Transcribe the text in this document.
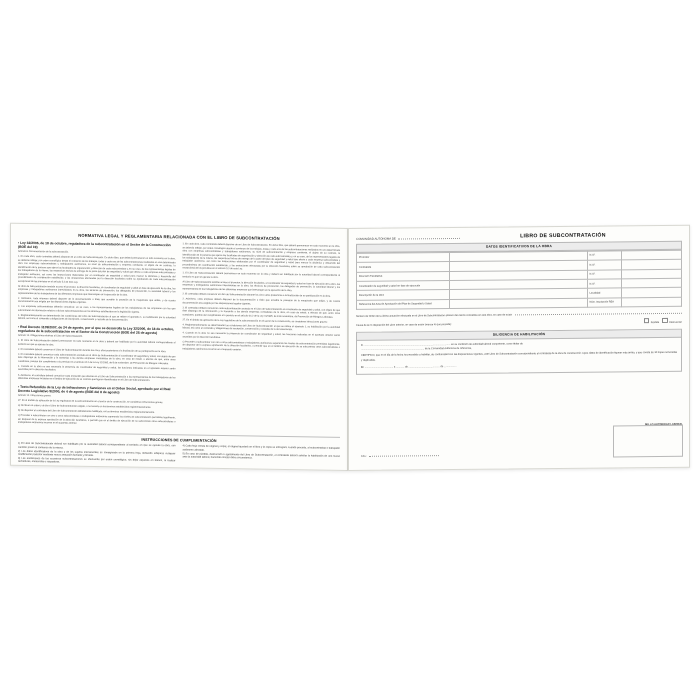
NORMATIVA LEGAL Y REGLAMENTARIA RELACIONADA CON EL LIBRO DE SUBCONTRATACIÓN
• Ley 32/2006, de 18 de octubre, reguladora de la subcontratación en el Sector de la Construcción (BOE del 19)
Artículo 8. Documentación de la subcontratación.
1. En cada obra, cada contratista deberá disponer de un Libro de Subcontratación. En dicho libro, que deberá permanecer en todo momento en la obra, se deberán reflejar, por orden cronológico desde el comienzo de los trabajos, todas y cada una de las subcontrataciones realizadas en una determinada obra con empresas subcontratistas y trabajadores autónomos, su nivel de subcontratación y empresa comitente, el objeto de su contrato, la identificación de la persona que ejerce las facultades de organización y dirección de cada subcontratista y, en su caso, de los representantes legales de los trabajadores de la misma, las respectivas fechas de entrega de la parte del plan de seguridad y salud que afecte a cada empresa subcontratista y trabajador autónomo, así como las instrucciones elaboradas por el coordinador de seguridad y salud para marcar la dinámica y desarrollo del procedimiento de coordinación establecido, y las anotaciones efectuadas por la dirección facultativa sobre su aprobación de cada subcontratación excepcional de las previstas en el artículo 5.3 de esta Ley.
Al Libro de Subcontratación tendrán acceso el promotor, la dirección facultativa, el coordinador de seguridad y salud en fase de ejecución de la obra, las empresas y trabajadores autónomos intervinientes en la obra, los técnicos de prevención, los delegados de prevención, la autoridad laboral y los representantes de los trabajadores de las diferentes empresas que intervengan en la ejecución de la obra.
2. Asimismo, cada empresa deberá disponer de la documentación o título que acredite la posesión de la maquinaria que utiliza, y de cuanta documentación sea exigida por las disposiciones legales vigentes.
3. Las empresas subcontratistas deberán comunicar, en su caso, a los representantes legales de los trabajadores de las empresas con las que subcontraten la información relativa a dichas subcontrataciones en los términos establecidos en la legislación vigente.
4. Reglamentariamente se determinarán las condiciones del Libro de Subcontratación al que se refiere el apartado 1, su habilitación por la autoridad laboral, así como el contenido y obligaciones de inscripción, conservación y custodia de la documentación.
• Real Decreto 1109/2007, de 24 de agosto, por el que se desarrolla la Ley 32/2006, de 18 de octubre, reguladora de la subcontratación en el Sector de la Construcción (BOE del 25 de agosto)
Artículo 13. Obligaciones relativas al Libro de Subcontratación.
1. El Libro de Subcontratación deberá permanecer en todo momento en la obra y deberá ser habilitado por la autoridad laboral correspondiente al territorio en que se ejecute la obra.
2. El contratista deberá conservar el Libro de Subcontratación durante los cinco años posteriores a la finalización de su participación en la obra.
3. El contratista deberá comunicar cada subcontratación anotada en el Libro de Subcontratación al coordinador de seguridad y salud, con objeto de que éste disponga de la información y la transmita a las demás empresas contratistas de la obra, en caso de existir, a efectos de que, entre otras cuestiones, puedan dar cumplimiento a lo previsto en el artículo 24.2 de la Ley 31/1995, de 8 de noviembre, de Prevención de Riesgos Laborales.
4. Cuando en la obra no sea necesaria la presencia de coordinador de seguridad y salud, las funciones indicadas en el apartado anterior serán asumidas por la dirección facultativa.
5. Asimismo, el contratista deberá comunicar cada anotación que efectúe en el Libro de Subcontratación a los representantes de los trabajadores de las diferentes empresas incluidas en el ámbito de ejecución de su contrato que figuren identificados en el Libro de Subcontratación.
• Texto Refundido de la Ley de Infracciones y Sanciones en el Orden Social, aprobado por el Real Decreto Legislativo 5/2000, de 4 de agosto (BOE del 8 de agosto)
Artículo 12. Infracciones graves.
27. En el ámbito de aplicación de la Ley reguladora de la subcontratación en el sector de la construcción, se consideran infracciones graves:
a) No llevar en orden y al día el Libro de Subcontratación exigido, o no hacerlo en los términos establecidos reglamentariamente.
b) No disponer el contratista del Libro de Subcontratación debidamente habilitado, en los términos establecidos reglamentariamente.
c) Proceder a subcontratar con otro u otros subcontratistas o trabajadores autónomos superando los niveles de subcontratación permitidos legalmente, sin disponer de la expresa aprobación de la dirección facultativa, o permitir que en el ámbito de ejecución de su subcontrato otros subcontratistas o trabajadores autónomos incurran en el supuesto anterior.
1. En cada obra, cada contratista deberá disponer de un Libro de Subcontratación. En dicho libro, que deberá permanecer en todo momento en la obra, se deberán reflejar, por orden cronológico desde el comienzo de los trabajos, todas y cada una de las subcontrataciones realizadas en una determinada obra con empresas subcontratistas y trabajadores autónomos, su nivel de subcontratación y empresa comitente, el objeto de su contrato, la identificación de la persona que ejerce las facultades de organización y dirección de cada subcontratista y, en su caso, de los representantes legales de los trabajadores de la misma, las respectivas fechas de entrega de la parte del plan de seguridad y salud que afecte a cada empresa subcontratista y trabajador autónomo, así como las instrucciones elaboradas por el coordinador de seguridad y salud para marcar la dinámica y desarrollo del procedimiento de coordinación establecido, y las anotaciones efectuadas por la dirección facultativa sobre su aprobación de cada subcontratación excepcional de las previstas en el artículo 5.3 de esta Ley.
1. El Libro de Subcontratación deberá permanecer en todo momento en la obra y deberá ser habilitado por la autoridad laboral correspondiente al territorio en que se ejecute la obra.
Al Libro de Subcontratación tendrán acceso el promotor, la dirección facultativa, el coordinador de seguridad y salud en fase de ejecución de la obra, las empresas y trabajadores autónomos intervinientes en la obra, los técnicos de prevención, los delegados de prevención, la autoridad laboral y los representantes de los trabajadores de las diferentes empresas que intervengan en la ejecución de la obra.
2. El contratista deberá conservar el Libro de Subcontratación durante los cinco años posteriores a la finalización de su participación en la obra.
2. Asimismo, cada empresa deberá disponer de la documentación o título que acredite la posesión de la maquinaria que utiliza, y de cuanta documentación sea exigida por las disposiciones legales vigentes.
3. El contratista deberá comunicar cada subcontratación anotada en el Libro de Subcontratación al coordinador de seguridad y salud, con objeto de que éste disponga de la información y la transmita a las demás empresas contratistas de la obra, en caso de existir, a efectos de que, entre otras cuestiones, puedan dar cumplimiento a lo previsto en el artículo 24.2 de la Ley 31/1995, de 8 de noviembre, de Prevención de Riesgos Laborales.
27. En el ámbito de aplicación de la Ley reguladora de la subcontratación en el sector de la construcción, se consideran infracciones graves:
4. Reglamentariamente se determinarán las condiciones del Libro de Subcontratación al que se refiere el apartado 1, su habilitación por la autoridad laboral, así como el contenido y obligaciones de inscripción, conservación y custodia de la documentación.
4. Cuando en la obra no sea necesaria la presencia de coordinador de seguridad y salud, las funciones indicadas en el apartado anterior serán asumidas por la dirección facultativa.
c) Proceder a subcontratar con otro u otros subcontratistas o trabajadores autónomos superando los niveles de subcontratación permitidos legalmente, sin disponer de la expresa aprobación de la dirección facultativa, o permitir que en el ámbito de ejecución de su subcontrato otros subcontratistas o trabajadores autónomos incurran en el supuesto anterior.
INSTRUCCIONES DE CUMPLIMENTACIÓN
1) El Libro de Subcontratación deberá ser habilitado por la autoridad laboral correspondiente al territorio en que se ejecute la obra, con carácter previo al comienzo de la misma.
2) Los datos identificativos de la obra y de los sujetos intervinientes se consignarán en la primera hoja, debiendo reflejarse cualquier modificación posterior mediante nueva anotación fechada y firmada.
3) Las anotaciones de las sucesivas subcontrataciones se efectuarán por orden cronológico, sin dejar espacios en blanco, ni realizar tachaduras, enmiendas o raspaduras.
4) Cada hoja consta de original y copia; el original quedará en el libro y la copia se entregará, cuando proceda, al subcontratista o trabajador autónomo afectado.
5) En caso de pérdida, destrucción o agotamiento del Libro de Subcontratación, el contratista deberá solicitar la habilitación de uno nuevo ante la autoridad laboral, haciendo constar dicha circunstancia.
COMUNIDAD AUTÓNOMA DE	LIBRO DE SUBCONTRATACIÓN
DATOS IDENTIFICATIVOS DE LA OBRA
Promotor		N.I.F.	
Contratista		N.I.F.	
Dirección Facultativa		N.I.F.	
Coordinador de seguridad y salud en fase de ejecución		N.I.F.	
Descripción de la obra		Localidad	
Referencia del Acta de Aprobación del Plan de Seguridad y Salud		Núm. Inscripción REA	
Número de Orden de la última actuación efectuada en el Libro de Subcontratación anterior del mismo contratista en esta obra, en caso de existir
Causa de la no disposición del Libro anterior, en caso de existir (marcar lo que proceda):
Pérdida	Destrucción
DILIGENCIA DE HABILITACIÓN
D. ............................................................................................................................ en su condición de autoridad laboral competente, como titular de
........................................................................................... de la Comunidad Autónoma de referencia,
CERTIFICO, que en el día de la fecha he procedido a habilitar, de conformidad con las disposiciones vigentes, este Libro de Subcontratación correspondiente al contratista de la obra de construcción cuyos datos de identificación figuran más arriba, y que consta de 10 hojas numeradas y duplicadas.
En ......................................... a ............ de ............................................. de ..................
SELLO AUTORIDAD LABORAL
Fdo.:
